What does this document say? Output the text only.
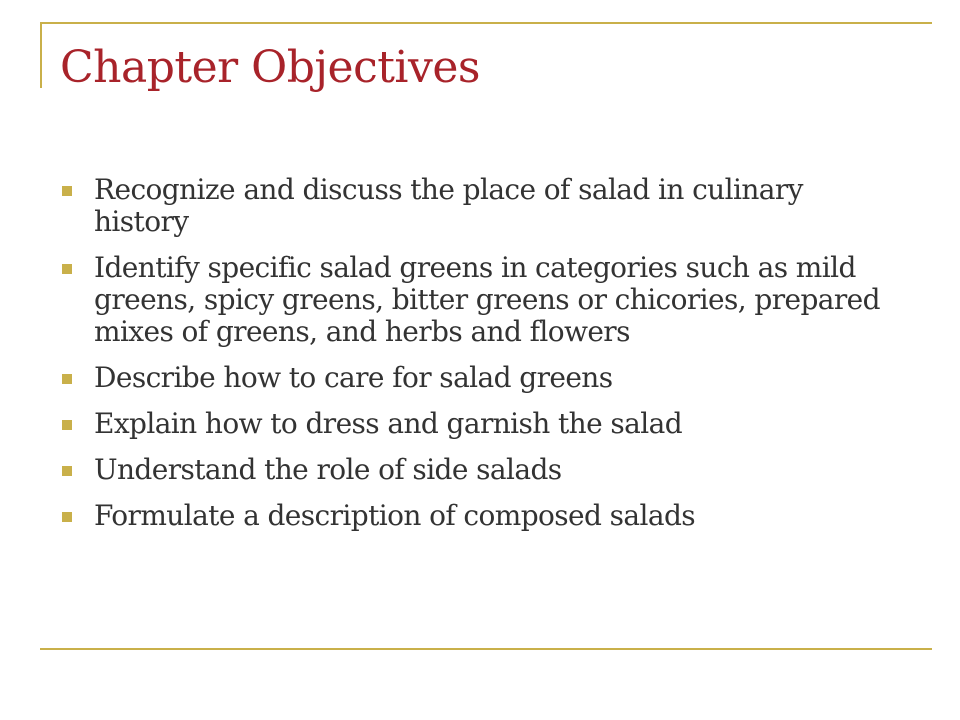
Chapter Objectives
Recognize and discuss the place of salad in culinary history
Identify specific salad greens in categories such as mild greens, spicy greens, bitter greens or chicories, prepared mixes of greens, and herbs and flowers
Describe how to care for salad greens
Explain how to dress and garnish the salad
Understand the role of side salads
Formulate a description of composed salads
